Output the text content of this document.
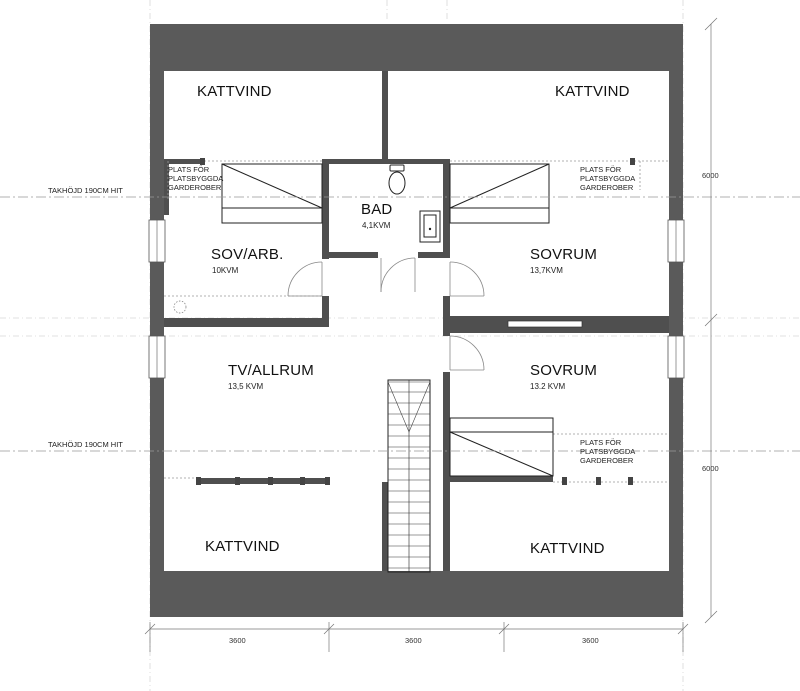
KATTVIND	KATTVIND
BAD
4,1KVM
SOV/ARB.
10KVM
SOVRUM
13,7KVM
TV/ALLRUM
13,5 KVM
SOVRUM
13.2 KVM
KATTVIND	KATTVIND
PLATS FÖR
PLATSBYGGDA
GARDEROBER
PLATS FÖR
PLATSBYGGDA
GARDEROBER
PLATS FÖR
PLATSBYGGDA
GARDEROBER
TAKHÖJD 190CM HIT
TAKHÖJD 190CM HIT
6000
6000
3600	3600	3600
